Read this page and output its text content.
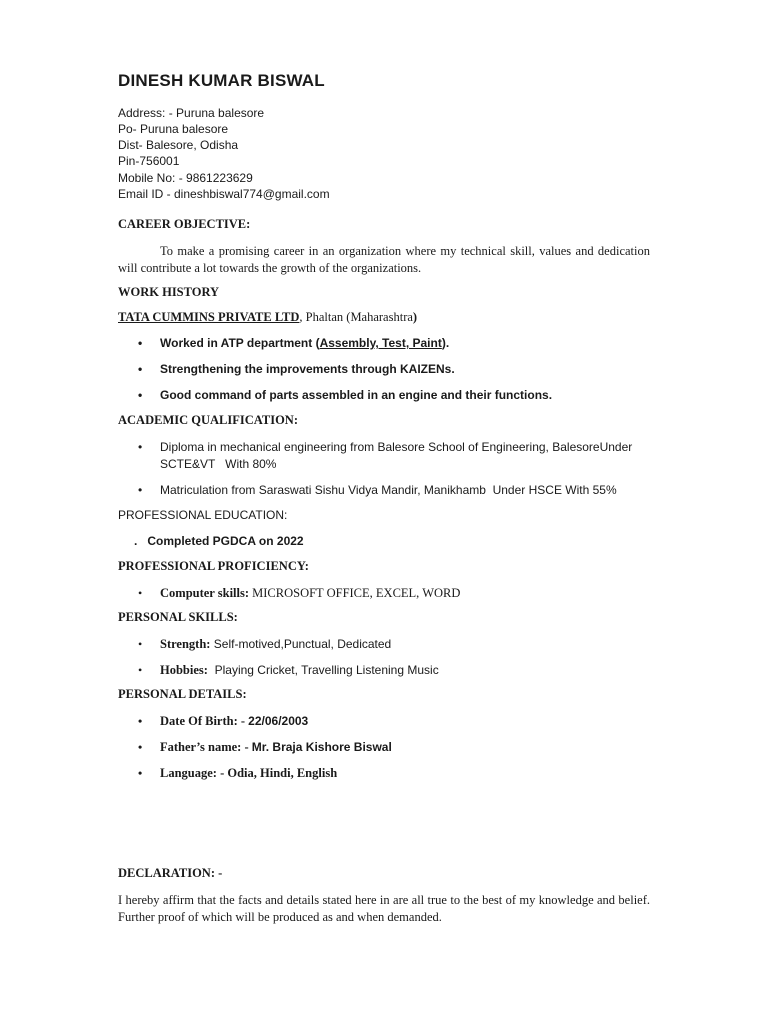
DINESH KUMAR BISWAL
Address: - Puruna balesore
Po- Puruna balesore
Dist- Balesore, Odisha
Pin-756001
Mobile No: - 9861223629
Email ID - dineshbiswal774@gmail.com
CAREER OBJECTIVE:
To make a promising career in an organization where my technical skill, values and dedication will contribute a lot towards the growth of the organizations.
WORK HISTORY
TATA CUMMINS PRIVATE LTD, Phaltan (Maharashtra)
• Worked in ATP department (Assembly, Test, Paint).
• Strengthening the improvements through KAIZENs.
• Good command of parts assembled in an engine and their functions.
ACADEMIC QUALIFICATION:
• Diploma in mechanical engineering from Balesore School of Engineering, BalesoreUnder
SCTE&VT   With 80%
• Matriculation from Saraswati Sishu Vidya Mandir, Manikhamb  Under HSCE With 55%
PROFESSIONAL EDUCATION:
. Completed PGDCA on 2022
PROFESSIONAL PROFICIENCY:
• Computer skills: MICROSOFT OFFICE, EXCEL, WORD
PERSONAL SKILLS:
• Strength: Self-motived,Punctual, Dedicated
• Hobbies:  Playing Cricket, Travelling Listening Music
PERSONAL DETAILS:
• Date Of Birth: - 22/06/2003
• Father’s name: - Mr. Braja Kishore Biswal
• Language: - Odia, Hindi, English
DECLARATION: -
I hereby affirm that the facts and details stated here in are all true to the best of my knowledge and belief. Further proof of which will be produced as and when demanded.
